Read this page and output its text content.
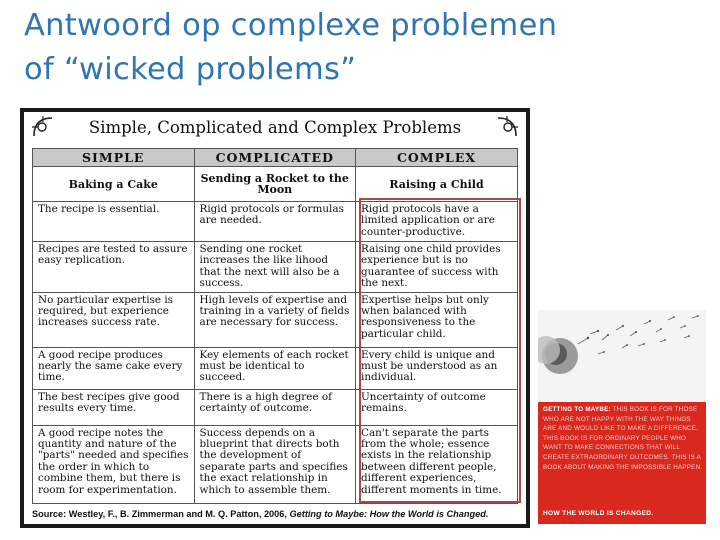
Antwoord op complexe problemen
of “wicked problems”
Simple, Complicated and Complex Problems
SIMPLE	COMPLICATED	COMPLEX
Baking a Cake	Sending a Rocket to the Moon	Raising a Child
The recipe is essential.	Rigid protocols or formulas are needed.	Rigid protocols have a limited application or are counter-productive.
Recipes are tested to assure easy replication.	Sending one rocket increases the like lihood that the next will also be a success.	Raising one child provides experience but is no guarantee of success with the next.
No particular expertise is required, but experience increases success rate.	High levels of expertise and training in a variety of fields are necessary for success.	Expertise helps but only when balanced with responsiveness to the particular child.
A good recipe produces nearly the same cake every time.	Key elements of each rocket must be identical to succeed.	Every child is unique and must be understood as an individual.
The best recipes give good results every time.	There is a high degree of certainty of outcome.	Uncertainty of outcome remains.
A good recipe notes the quantity and nature of the "parts" needed and specifies the order in which to combine them, but there is room for experimentation.	Success depends on a blueprint that directs both the development of separate parts and specifies the exact relationship in which to assemble them.	Can't separate the parts from the whole; essence exists in the relationship between different people, different experiences, different moments in time.
Source: Westley, F., B. Zimmerman and M. Q. Patton, 2006, Getting to Maybe: How the World is Changed.
GETTING TO MAYBE: THIS BOOK IS FOR THOSE WHO ARE NOT HAPPY WITH THE WAY THINGS ARE AND WOULD LIKE TO MAKE A DIFFERENCE. THIS BOOK IS FOR ORDINARY PEOPLE WHO WANT TO MAKE CONNECTIONS THAT WILL CREATE EXTRAORDINARY OUTCOMES. THIS IS A BOOK ABOUT MAKING THE IMPOSSIBLE HAPPEN.
HOW THE WORLD IS CHANGED.
